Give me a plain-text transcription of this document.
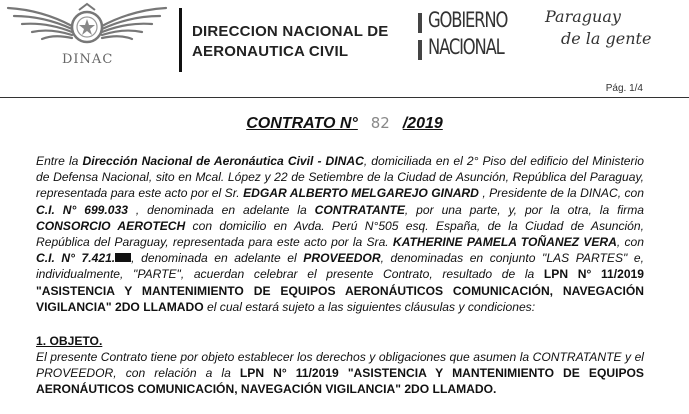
DINAC
DIRECCION NACIONAL DE
AERONAUTICA CIVIL
GOBIERNO
NACIONAL
Paraguay
de la gente
Pág. 1/4
CONTRATO N° 82 /2019
Entre la Dirección Nacional de Aeronáutica Civil - DINAC, domiciliada en el 2° Piso del edificio del Ministerio de Defensa Nacional, sito en Mcal. López y 22 de Setiembre de la Ciudad de Asunción, República del Paraguay, representada para este acto por el Sr. EDGAR ALBERTO MELGAREJO GINARD , Presidente de la DINAC, con C.I. N° 699.033 , denominada en adelante la CONTRATANTE, por una parte, y, por la otra, la firma CONSORCIO AEROTECH con domicilio en Avda. Perú N°505 esq. España, de la Ciudad de Asunción, República del Paraguay, representada para este acto por la Sra. KATHERINE PAMELA TOÑANEZ VERA, con C.I. N° 7.421. , denominada en adelante el PROVEEDOR, denominadas en conjunto "LAS PARTES" e, individualmente, "PARTE", acuerdan celebrar el presente Contrato, resultado de la LPN N° 11/2019 "ASISTENCIA Y MANTENIMIENTO DE EQUIPOS AERONÁUTICOS COMUNICACIÓN, NAVEGACIÓN VIGILANCIA" 2DO LLAMADO el cual estará sujeto a las siguientes cláusulas y condiciones:
1. OBJETO.
El presente Contrato tiene por objeto establecer los derechos y obligaciones que asumen la CONTRATANTE y el PROVEEDOR, con relación a la LPN N° 11/2019 "ASISTENCIA Y MANTENIMIENTO DE EQUIPOS AERONÁUTICOS COMUNICACIÓN, NAVEGACIÓN VIGILANCIA" 2DO LLAMADO.
